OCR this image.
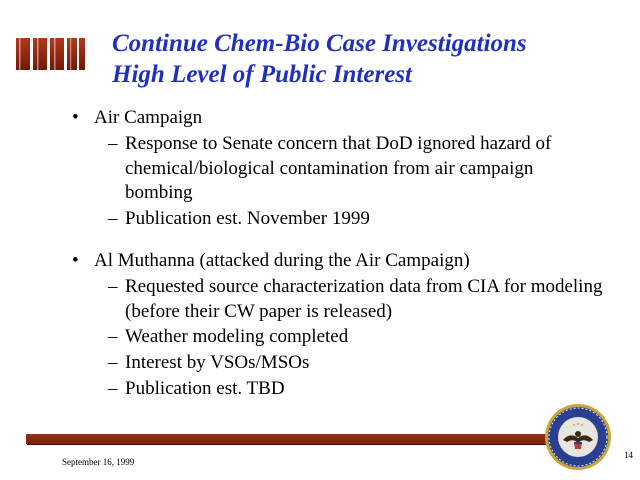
Continue Chem-Bio Case Investigations
High Level of Public Interest
• Air Campaign
– Response to Senate concern that DoD ignored hazard of chemical/biological contamination from air campaign bombing
– Publication est. November 1999
• Al Muthanna (attacked during the Air Campaign)
– Requested source characterization data from CIA for modeling (before their CW paper is released)
– Weather modeling completed
– Interest by VSOs/MSOs
– Publication est. TBD
September 16, 1999
14
